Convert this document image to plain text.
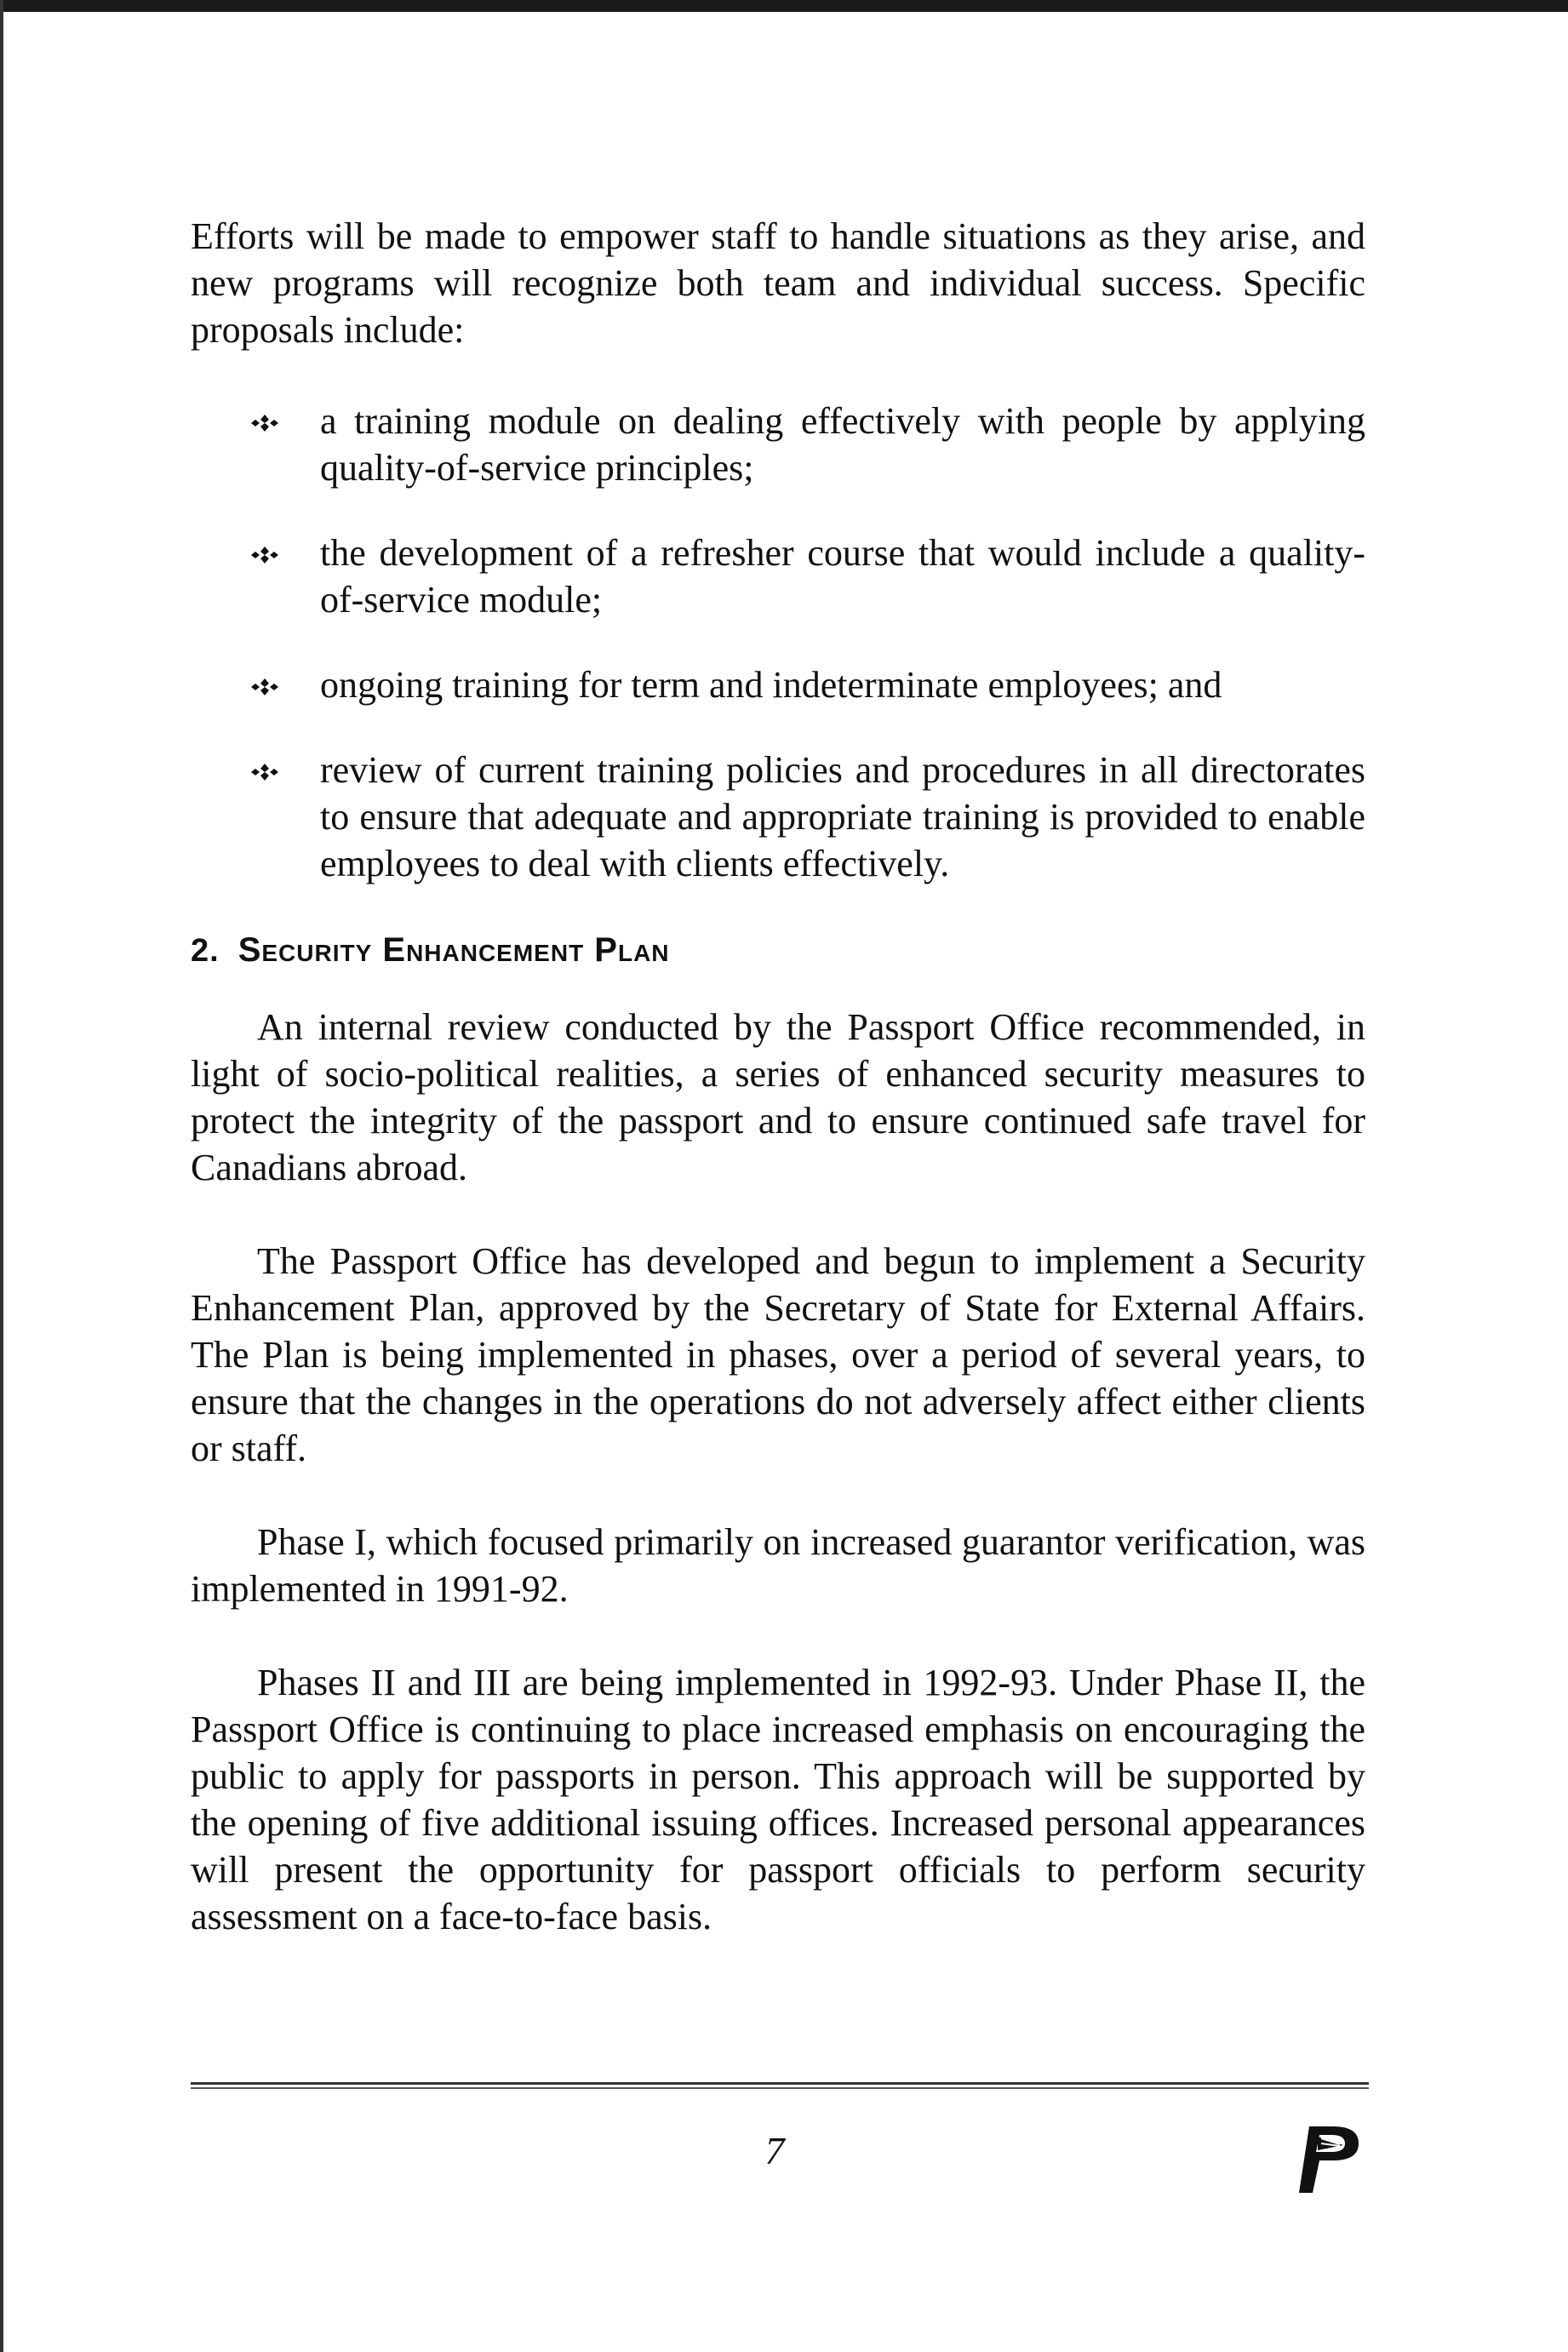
Efforts will be made to empower staff to handle situations as they arise, and new programs will recognize both team and individual success. Specific proposals include:

a training module on dealing effectively with people by applying quality-of-service principles;
the development of a refresher course that would include a quality-of-service module;
ongoing training for term and indeterminate employees; and
review of current training policies and procedures in all directorates to ensure that adequate and appropriate training is provided to enable employees to deal with clients effectively.
2. Security Enhancement Plan

An internal review conducted by the Passport Office recommended, in light of socio-political realities, a series of enhanced security measures to protect the integrity of the passport and to ensure continued safe travel for Canadians abroad.

The Passport Office has developed and begun to implement a Security Enhancement Plan, approved by the Secretary of State for External Affairs. The Plan is being implemented in phases, over a period of several years, to ensure that the changes in the operations do not adversely affect either clients or staff.

Phase I, which focused primarily on increased guarantor verification, was implemented in 1991-92.

Phases II and III are being implemented in 1992-93. Under Phase II, the Passport Office is continuing to place increased emphasis on encouraging the public to apply for passports in person. This approach will be supported by the opening of five additional issuing offices. Increased personal appearances will present the opportunity for passport officials to perform security assessment on a face-to-face basis.

7
